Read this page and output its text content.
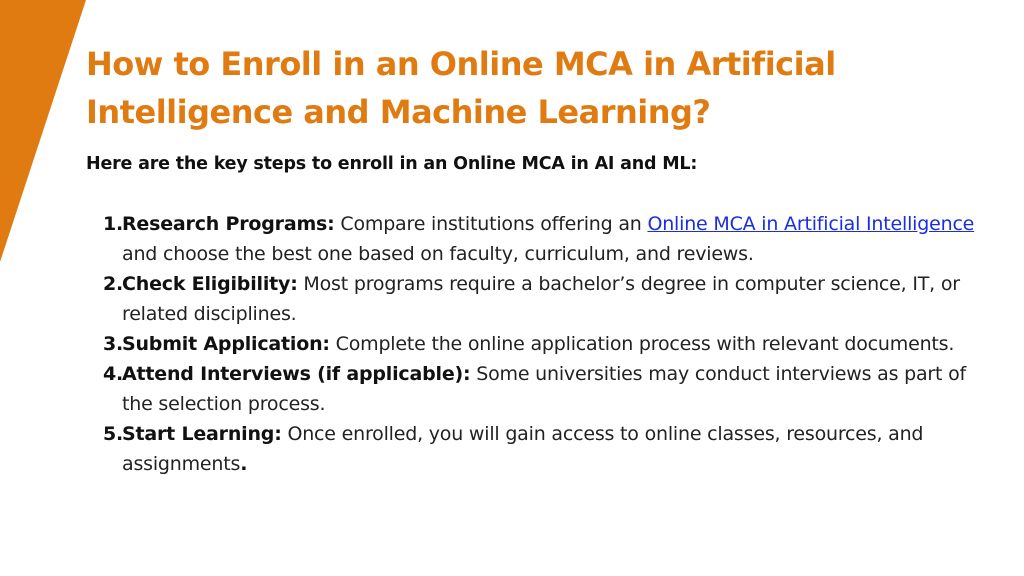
How to Enroll in an Online MCA in Artificial Intelligence and Machine Learning?

Here are the key steps to enroll in an Online MCA in AI and ML:

1.
Research Programs: Compare institutions offering an Online MCA in Artificial Intelligence and choose the best one based on faculty, curriculum, and reviews.
2.
Check Eligibility: Most programs require a bachelor’s degree in computer science, IT, or related disciplines.
3.
Submit Application: Complete the online application process with relevant documents.
4.
Attend Interviews (if applicable): Some universities may conduct interviews as part of the selection process.
5.
Start Learning: Once enrolled, you will gain access to online classes, resources, and assignments.
